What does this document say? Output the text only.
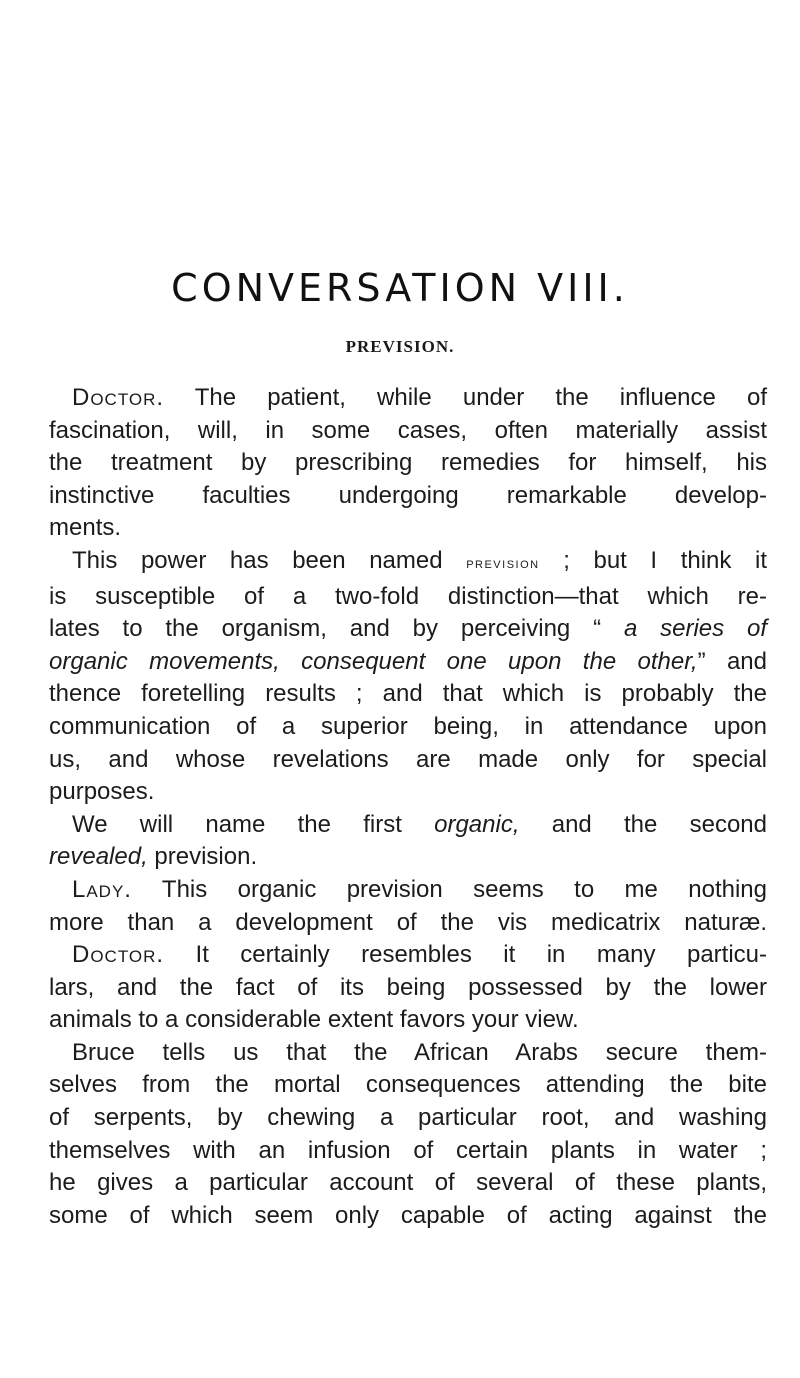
CONVERSATION VIII.
PREVISION.
Doctor. The patient, while under the influence of
fascination, will, in some cases, often materially assist
the treatment by prescribing remedies for himself, his
instinctive faculties undergoing remarkable develop-
ments.
This power has been named prevision ; but I think it
is susceptible of a two-fold distinction—that which re-
lates to the organism, and by perceiving “ a series of
organic movements, consequent one upon the other,” and
thence foretelling results ; and that which is probably the
communication of a superior being, in attendance upon
us, and whose revelations are made only for special
purposes.
We will name the first organic, and the second
revealed, prevision.
Lady. This organic prevision seems to me nothing
more than a development of the vis medicatrix naturæ.
Doctor. It certainly resembles it in many particu-
lars, and the fact of its being possessed by the lower
animals to a considerable extent favors your view.
Bruce tells us that the African Arabs secure them-
selves from the mortal consequences attending the bite
of serpents, by chewing a particular root, and washing
themselves with an infusion of certain plants in water ;
he gives a particular account of several of these plants,
some of which seem only capable of acting against the
